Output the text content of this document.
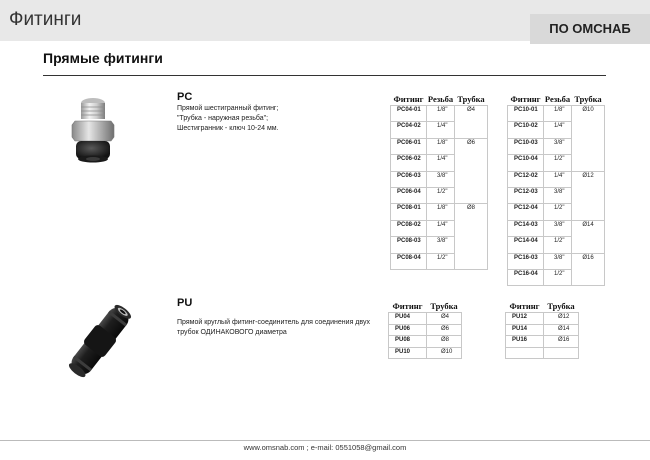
Фитинги	ПО ОМСНАБ
Прямые фитинги
PC
Прямой шестигранный фитинг;
"Трубка - наружная резьба";
Шестигранник - ключ 10-24 мм.
Фитинг	Резьба	Трубка
PC04-01	1/8"	Ø4
PC04-02	1/4"	
PC06-01	1/8"	Ø6
PC06-02	1/4"	
PC06-03	3/8"	
PC06-04	1/2"	
PC08-01	1/8"	Ø8
PC08-02	1/4"	
PC08-03	3/8"	
PC08-04	1/2"	
Фитинг	Резьба	Трубка
PC10-01	1/8"	Ø10
PC10-02	1/4"	
PC10-03	3/8"	
PC10-04	1/2"	
PC12-02	1/4"	Ø12
PC12-03	3/8"	
PC12-04	1/2"	
PC14-03	3/8"	Ø14
PC14-04	1/2"	
PC16-03	3/8"	Ø16
PC16-04	1/2"	
PU
Прямой круглый фитинг-соединитель для соединения двух
трубок ОДИНАКОВОГО диаметра
Фитинг	Трубка
PU04	Ø4
PU06	Ø6
PU08	Ø8
PU10	Ø10
Фитинг	Трубка
PU12	Ø12
PU14	Ø14
PU16	Ø16

www.omsnab.com ; e-mail: 0551058@gmail.com
